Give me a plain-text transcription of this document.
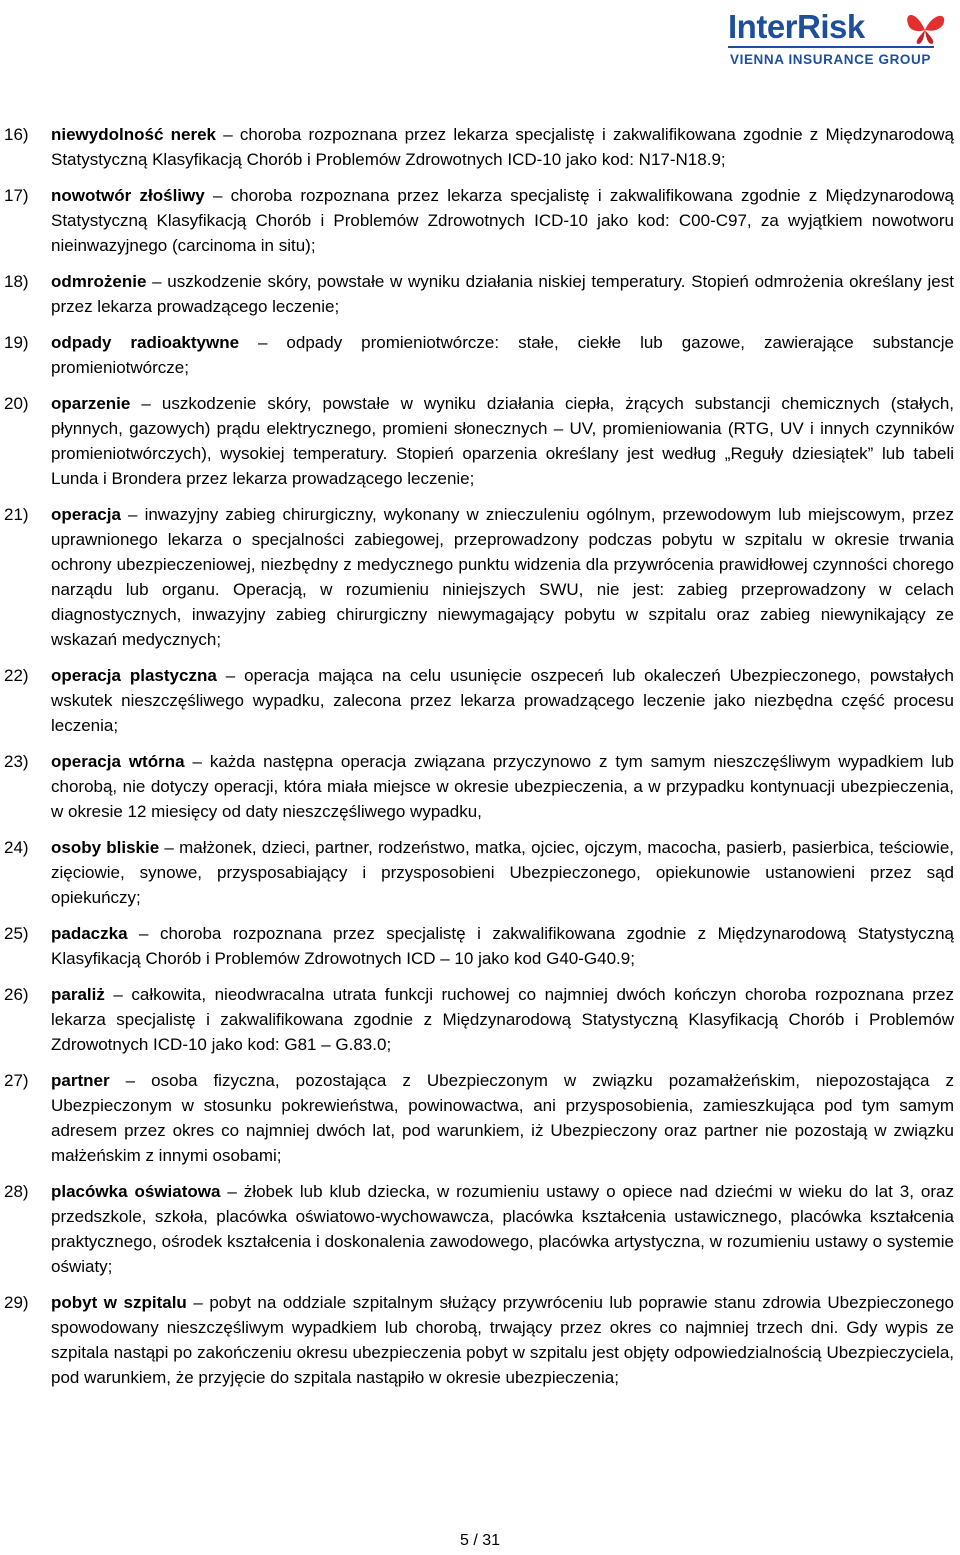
InterRisk
VIENNA INSURANCE GROUP
16)	niewydolność nerek – choroba rozpoznana przez lekarza specjalistę i zakwalifikowana zgodnie z Międzynarodową Statystyczną Klasyfikacją Chorób i Problemów Zdrowotnych ICD-10 jako kod: N17-N18.9;
17)	nowotwór złośliwy – choroba rozpoznana przez lekarza specjalistę i zakwalifikowana zgodnie z Międzynarodową Statystyczną Klasyfikacją Chorób i Problemów Zdrowotnych ICD-10 jako kod: C00-C97, za wyjątkiem nowotworu nieinwazyjnego (carcinoma in situ);
18)	odmrożenie – uszkodzenie skóry, powstałe w wyniku działania niskiej temperatury. Stopień odmrożenia określany jest przez lekarza prowadzącego leczenie;
19)	odpady radioaktywne – odpady promieniotwórcze: stałe, ciekłe lub gazowe, zawierające substancje promieniotwórcze;
20)	oparzenie – uszkodzenie skóry, powstałe w wyniku działania ciepła, żrących substancji chemicznych (stałych, płynnych, gazowych) prądu elektrycznego, promieni słonecznych – UV, promieniowania (RTG, UV i innych czynników promieniotwórczych), wysokiej temperatury. Stopień oparzenia określany jest według „Reguły dziesiątek” lub tabeli Lunda i Brondera przez lekarza prowadzącego leczenie;
21)	operacja – inwazyjny zabieg chirurgiczny, wykonany w znieczuleniu ogólnym, przewodowym lub miejscowym, przez uprawnionego lekarza o specjalności zabiegowej, przeprowadzony podczas pobytu w szpitalu w okresie trwania ochrony ubezpieczeniowej, niezbędny z medycznego punktu widzenia dla przywrócenia prawidłowej czynności chorego narządu lub organu. Operacją, w rozumieniu niniejszych SWU, nie jest: zabieg przeprowadzony w celach diagnostycznych, inwazyjny zabieg chirurgiczny niewymagający pobytu w szpitalu oraz zabieg niewynikający ze wskazań medycznych;
22)	operacja plastyczna – operacja mająca na celu usunięcie oszpeceń lub okaleczeń Ubezpieczonego, powstałych wskutek nieszczęśliwego wypadku, zalecona przez lekarza prowadzącego leczenie jako niezbędna część procesu leczenia;
23)	operacja wtórna – każda następna operacja związana przyczynowo z tym samym nieszczęśliwym wypadkiem lub chorobą, nie dotyczy operacji, która miała miejsce w okresie ubezpieczenia, a w przypadku kontynuacji ubezpieczenia, w okresie 12 miesięcy od daty nieszczęśliwego wypadku,
24)	osoby bliskie – małżonek, dzieci, partner, rodzeństwo, matka, ojciec, ojczym, macocha, pasierb, pasierbica, teściowie, zięciowie, synowe, przysposabiający i przysposobieni Ubezpieczonego, opiekunowie ustanowieni przez sąd opiekuńczy;
25)	padaczka – choroba rozpoznana przez specjalistę i zakwalifikowana zgodnie z Międzynarodową Statystyczną Klasyfikacją Chorób i Problemów Zdrowotnych ICD – 10 jako kod G40-G40.9;
26)	paraliż – całkowita, nieodwracalna utrata funkcji ruchowej co najmniej dwóch kończyn choroba rozpoznana przez lekarza specjalistę i zakwalifikowana zgodnie z Międzynarodową Statystyczną Klasyfikacją Chorób i Problemów Zdrowotnych ICD-10 jako kod: G81 – G.83.0;
27)	partner – osoba fizyczna, pozostająca z Ubezpieczonym w związku pozamałżeńskim, niepozostająca z Ubezpieczonym w stosunku pokrewieństwa, powinowactwa, ani przysposobienia, zamieszkująca pod tym samym adresem przez okres co najmniej dwóch lat, pod warunkiem, iż Ubezpieczony oraz partner nie pozostają w związku małżeńskim z innymi osobami;
28)	placówka oświatowa – żłobek lub klub dziecka, w rozumieniu ustawy o opiece nad dziećmi w wieku do lat 3, oraz przedszkole, szkoła, placówka oświatowo-wychowawcza, placówka kształcenia ustawicznego, placówka kształcenia praktycznego, ośrodek kształcenia i doskonalenia zawodowego, placówka artystyczna, w rozumieniu ustawy o systemie oświaty;
29)	pobyt w szpitalu – pobyt na oddziale szpitalnym służący przywróceniu lub poprawie stanu zdrowia Ubezpieczonego spowodowany nieszczęśliwym wypadkiem lub chorobą, trwający przez okres co najmniej trzech dni. Gdy wypis ze szpitala nastąpi po zakończeniu okresu ubezpieczenia pobyt w szpitalu jest objęty odpowiedzialnością Ubezpieczyciela, pod warunkiem, że przyjęcie do szpitala nastąpiło w okresie ubezpieczenia;
5 / 31
